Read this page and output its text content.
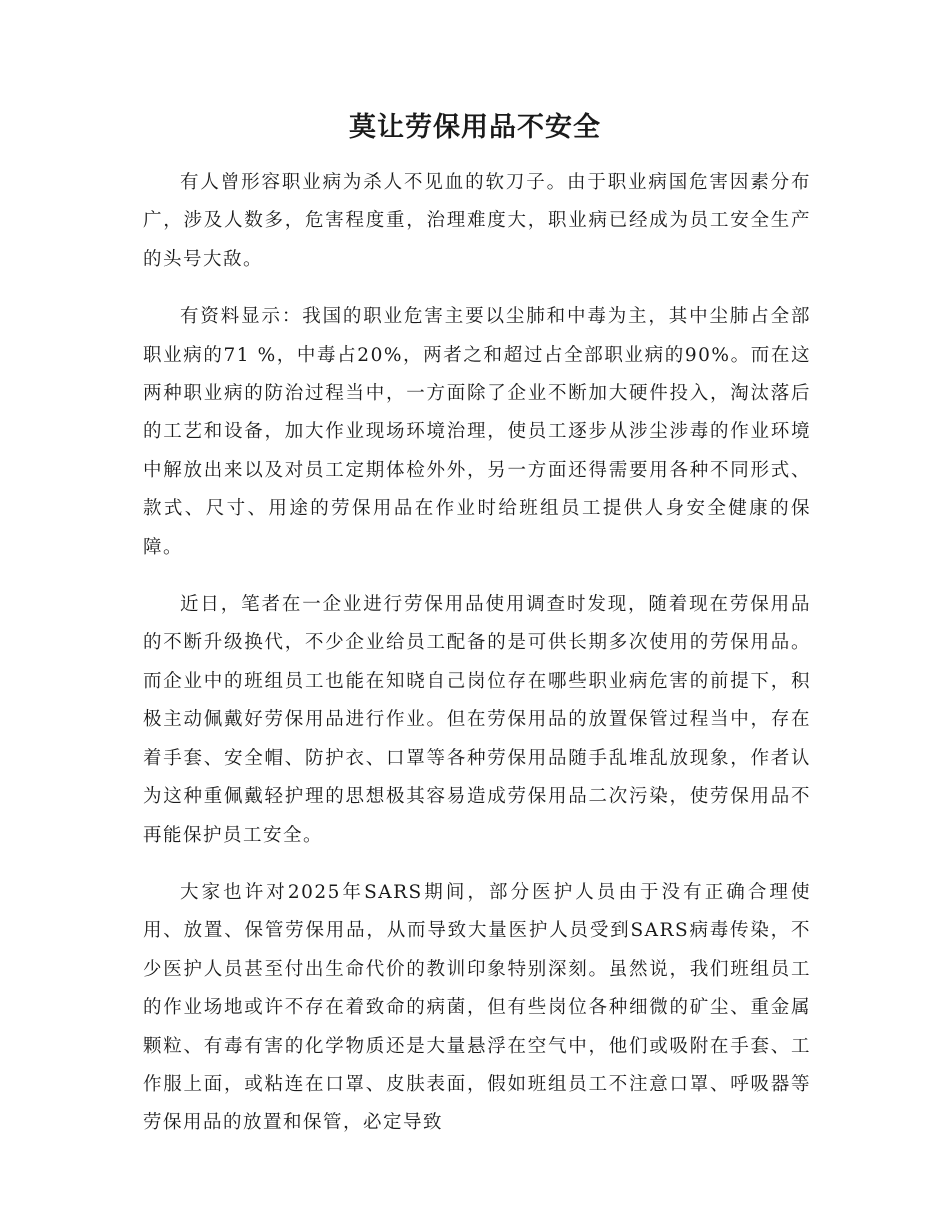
莫让劳保用品不安全

有人曾形容职业病为杀人不见血的软刀子。由于职业病国危害因素分布广，涉及人数多，危害程度重，治理难度大，职业病已经成为员工安全生产的头号大敌。

有资料显示：我国的职业危害主要以尘肺和中毒为主，其中尘肺占全部职业病的71 %，中毒占20%，两者之和超过占全部职业病的90%。而在这两种职业病的防治过程当中，一方面除了企业不断加大硬件投入，淘汰落后的工艺和设备，加大作业现场环境治理，使员工逐步从涉尘涉毒的作业环境中解放出来以及对员工定期体检外外，另一方面还得需要用各种不同形式、款式、尺寸、用途的劳保用品在作业时给班组员工提供人身安全健康的保障。

近日，笔者在一企业进行劳保用品使用调查时发现，随着现在劳保用品的不断升级换代，不少企业给员工配备的是可供长期多次使用的劳保用品。而企业中的班组员工也能在知晓自己岗位存在哪些职业病危害的前提下，积极主动佩戴好劳保用品进行作业。但在劳保用品的放置保管过程当中，存在着手套、安全帽、防护衣、口罩等各种劳保用品随手乱堆乱放现象，作者认为这种重佩戴轻护理的思想极其容易造成劳保用品二次污染，使劳保用品不再能保护员工安全。

大家也许对2025年SARS期间，部分医护人员由于没有正确合理使用、放置、保管劳保用品，从而导致大量医护人员受到SARS病毒传染，不少医护人员甚至付出生命代价的教训印象特别深刻。虽然说，我们班组员工的作业场地或许不存在着致命的病菌，但有些岗位各种细微的矿尘、重金属颗粒、有毒有害的化学物质还是大量悬浮在空气中，他们或吸附在手套、工作服上面，或粘连在口罩、皮肤表面，假如班组员工不注意口罩、呼吸器等劳保用品的放置和保管，必定导致
